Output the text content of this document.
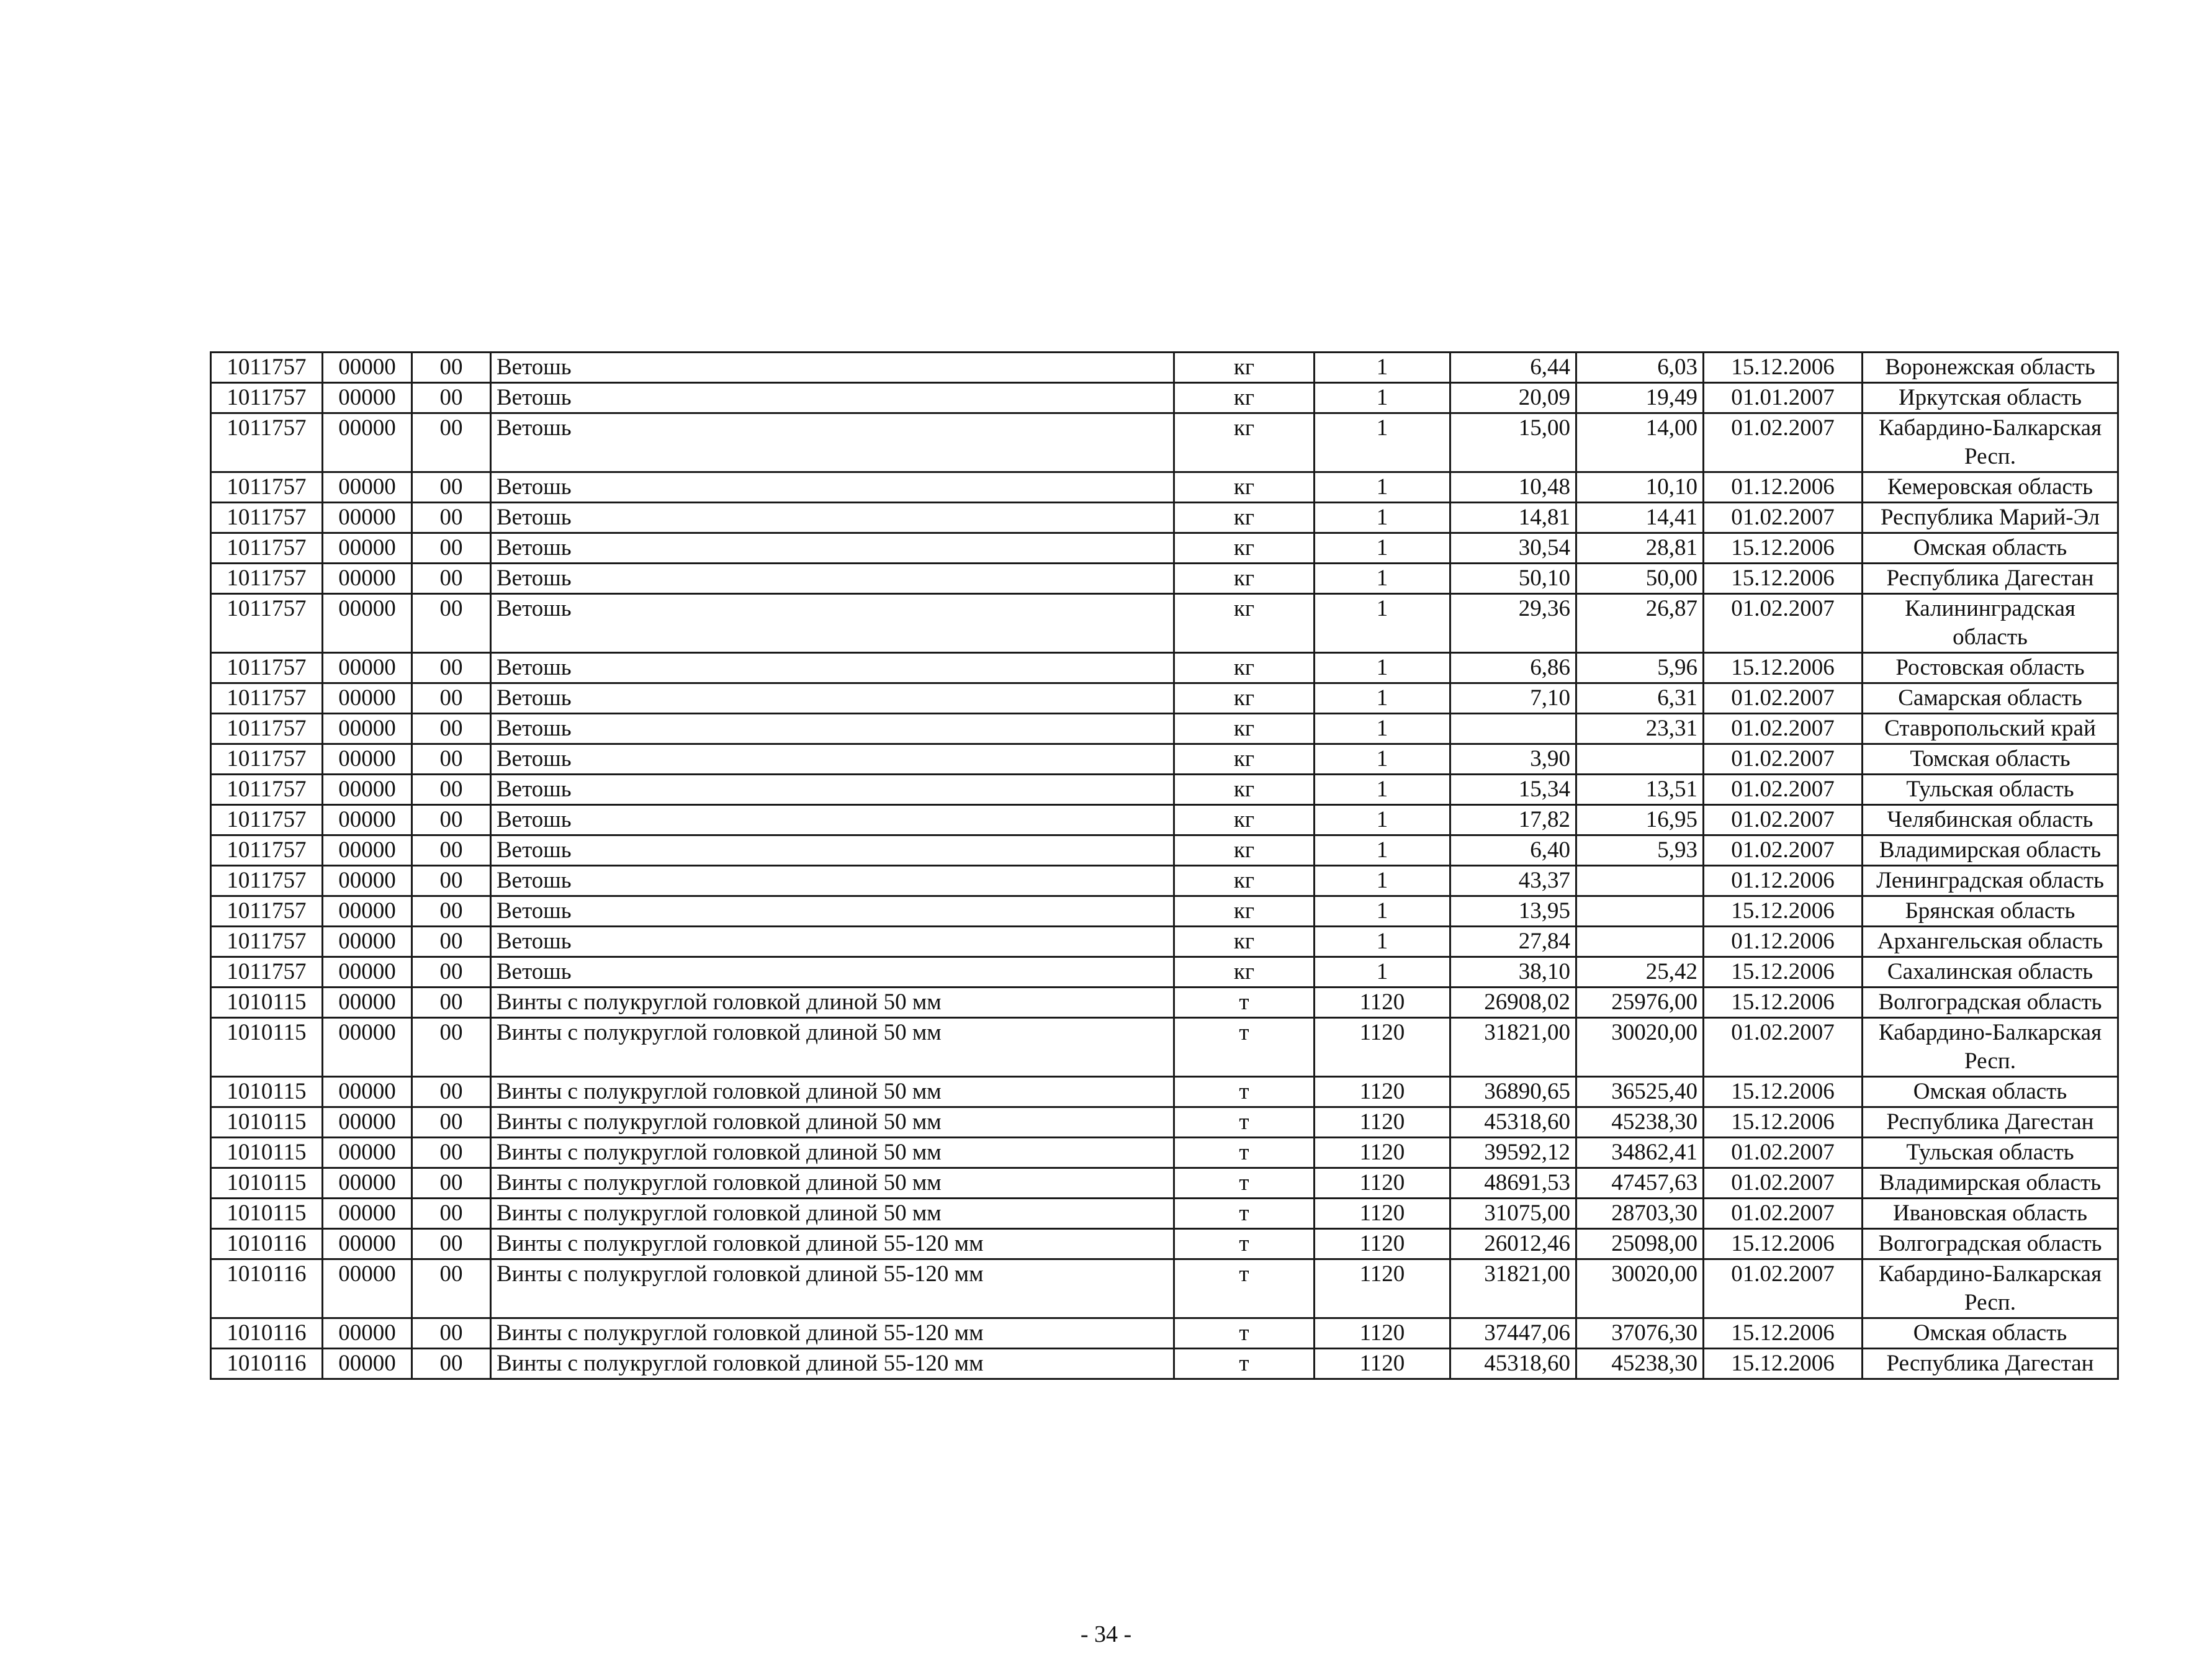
1011757	00000	00	Ветошь	кг	1	6,44	6,03	15.12.2006	Воронежская область
1011757	00000	00	Ветошь	кг	1	20,09	19,49	01.01.2007	Иркутская область
1011757	00000	00	Ветошь	кг	1	15,00	14,00	01.02.2007	Кабардино-Балкарская Респ.
1011757	00000	00	Ветошь	кг	1	10,48	10,10	01.12.2006	Кемеровская область
1011757	00000	00	Ветошь	кг	1	14,81	14,41	01.02.2007	Республика Марий-Эл
1011757	00000	00	Ветошь	кг	1	30,54	28,81	15.12.2006	Омская область
1011757	00000	00	Ветошь	кг	1	50,10	50,00	15.12.2006	Республика Дагестан
1011757	00000	00	Ветошь	кг	1	29,36	26,87	01.02.2007	Калининградская область
1011757	00000	00	Ветошь	кг	1	6,86	5,96	15.12.2006	Ростовская область
1011757	00000	00	Ветошь	кг	1	7,10	6,31	01.02.2007	Самарская область
1011757	00000	00	Ветошь	кг	1		23,31	01.02.2007	Ставропольский край
1011757	00000	00	Ветошь	кг	1	3,90		01.02.2007	Томская область
1011757	00000	00	Ветошь	кг	1	15,34	13,51	01.02.2007	Тульская область
1011757	00000	00	Ветошь	кг	1	17,82	16,95	01.02.2007	Челябинская область
1011757	00000	00	Ветошь	кг	1	6,40	5,93	01.02.2007	Владимирская область
1011757	00000	00	Ветошь	кг	1	43,37		01.12.2006	Ленинградская область
1011757	00000	00	Ветошь	кг	1	13,95		15.12.2006	Брянская область
1011757	00000	00	Ветошь	кг	1	27,84		01.12.2006	Архангельская область
1011757	00000	00	Ветошь	кг	1	38,10	25,42	15.12.2006	Сахалинская область
1010115	00000	00	Винты с полукруглой головкой длиной 50 мм	т	1120	26908,02	25976,00	15.12.2006	Волгоградская область
1010115	00000	00	Винты с полукруглой головкой длиной 50 мм	т	1120	31821,00	30020,00	01.02.2007	Кабардино-Балкарская Респ.
1010115	00000	00	Винты с полукруглой головкой длиной 50 мм	т	1120	36890,65	36525,40	15.12.2006	Омская область
1010115	00000	00	Винты с полукруглой головкой длиной 50 мм	т	1120	45318,60	45238,30	15.12.2006	Республика Дагестан
1010115	00000	00	Винты с полукруглой головкой длиной 50 мм	т	1120	39592,12	34862,41	01.02.2007	Тульская область
1010115	00000	00	Винты с полукруглой головкой длиной 50 мм	т	1120	48691,53	47457,63	01.02.2007	Владимирская область
1010115	00000	00	Винты с полукруглой головкой длиной 50 мм	т	1120	31075,00	28703,30	01.02.2007	Ивановская область
1010116	00000	00	Винты с полукруглой головкой длиной 55-120 мм	т	1120	26012,46	25098,00	15.12.2006	Волгоградская область
1010116	00000	00	Винты с полукруглой головкой длиной 55-120 мм	т	1120	31821,00	30020,00	01.02.2007	Кабардино-Балкарская Респ.
1010116	00000	00	Винты с полукруглой головкой длиной 55-120 мм	т	1120	37447,06	37076,30	15.12.2006	Омская область
1010116	00000	00	Винты с полукруглой головкой длиной 55-120 мм	т	1120	45318,60	45238,30	15.12.2006	Республика Дагестан
- 34 -
